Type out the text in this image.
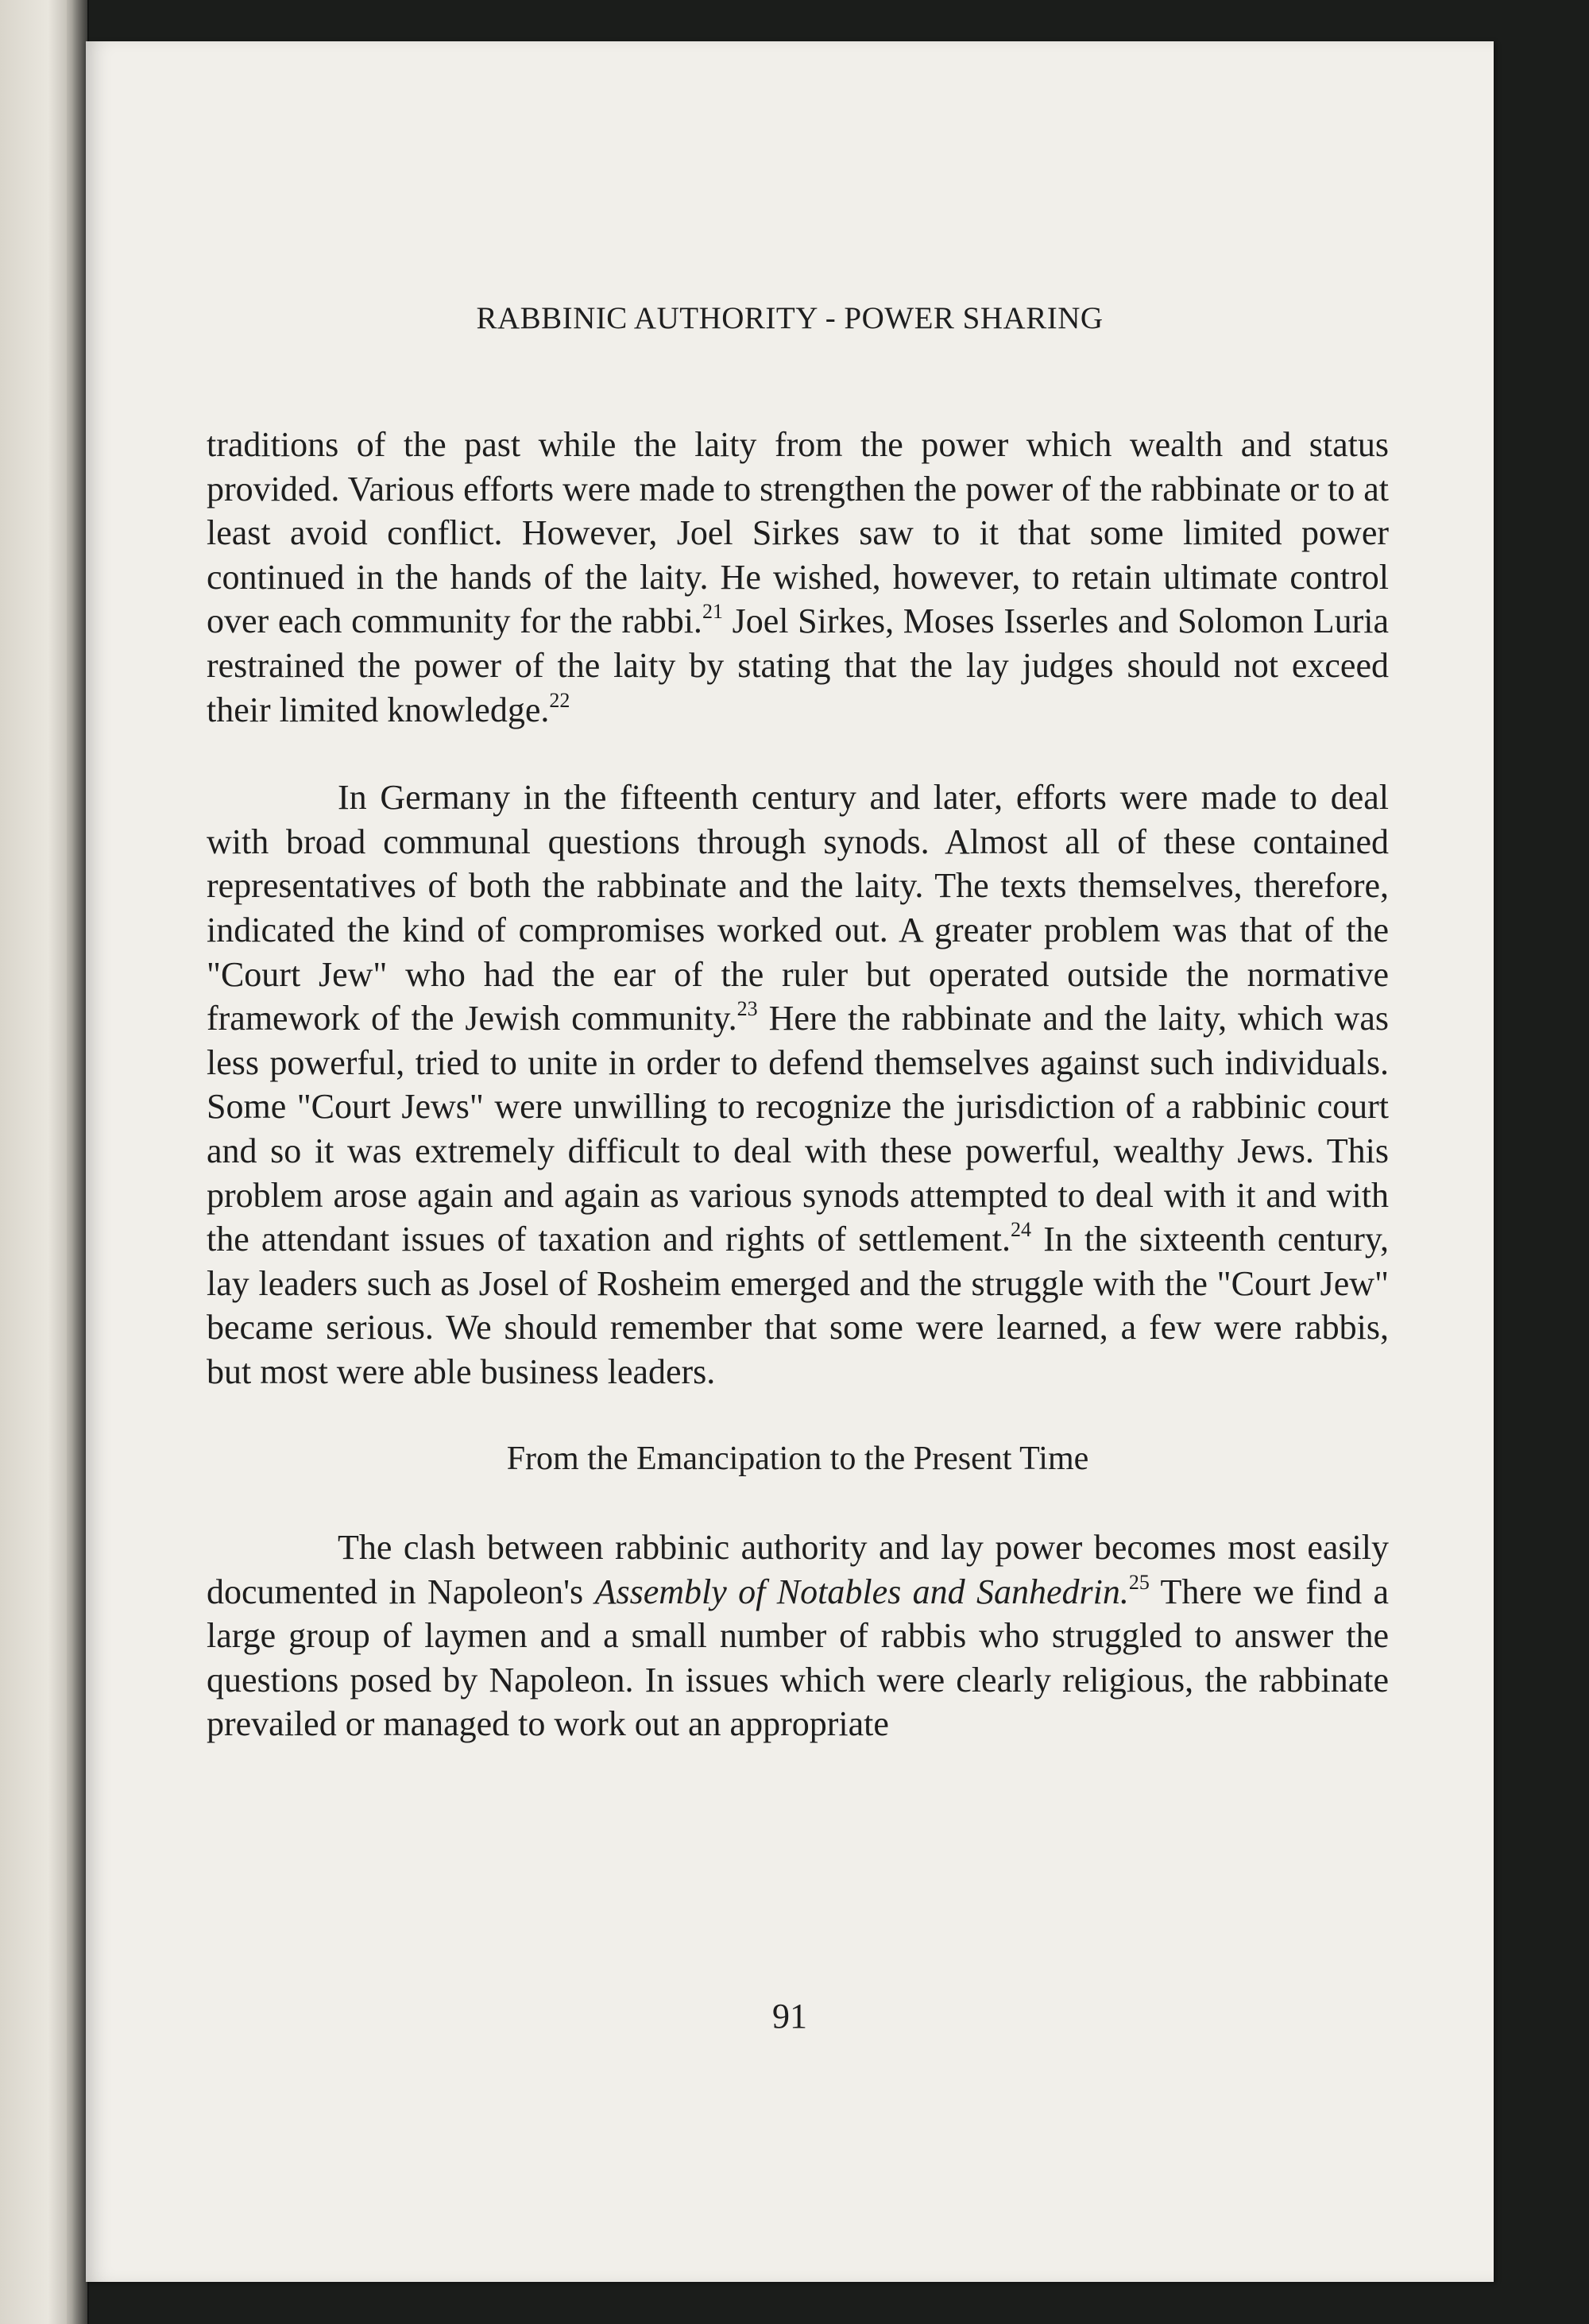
RABBINIC AUTHORITY - POWER SHARING

traditions of the past while the laity from the power which wealth and status provided. Various efforts were made to strengthen the power of the rabbinate or to at least avoid conflict. However, Joel Sirkes saw to it that some limited power continued in the hands of the laity. He wished, however, to retain ultimate control over each community for the rabbi.$^{21}$ Joel Sirkes, Moses Isserles and Solomon Luria restrained the power of the laity by stating that the lay judges should not exceed their limited knowledge.$^{22}$

In Germany in the fifteenth century and later, efforts were made to deal with broad communal questions through synods. Almost all of these contained representatives of both the rabbinate and the laity. The texts themselves, therefore, indicated the kind of compromises worked out. A greater problem was that of the "Court Jew" who had the ear of the ruler but operated outside the normative framework of the Jewish community.$^{23}$ Here the rabbinate and the laity, which was less powerful, tried to unite in order to defend themselves against such individuals. Some "Court Jews" were unwilling to recognize the jurisdiction of a rabbinic court and so it was extremely difficult to deal with these powerful, wealthy Jews. This problem arose again and again as various synods attempted to deal with it and with the attendant issues of taxation and rights of settlement.$^{24}$ In the sixteenth century, lay leaders such as Josel of Rosheim emerged and the struggle with the "Court Jew" became serious. We should remember that some were learned, a few were rabbis, but most were able business leaders.

From the Emancipation to the Present Time

The clash between rabbinic authority and lay power becomes most easily documented in Napoleon's Assembly of Notables and Sanhedrin.$^{25}$ There we find a large group of laymen and a small number of rabbis who struggled to answer the questions posed by Napoleon. In issues which were clearly religious, the rabbinate prevailed or managed to work out an appropriate

91
